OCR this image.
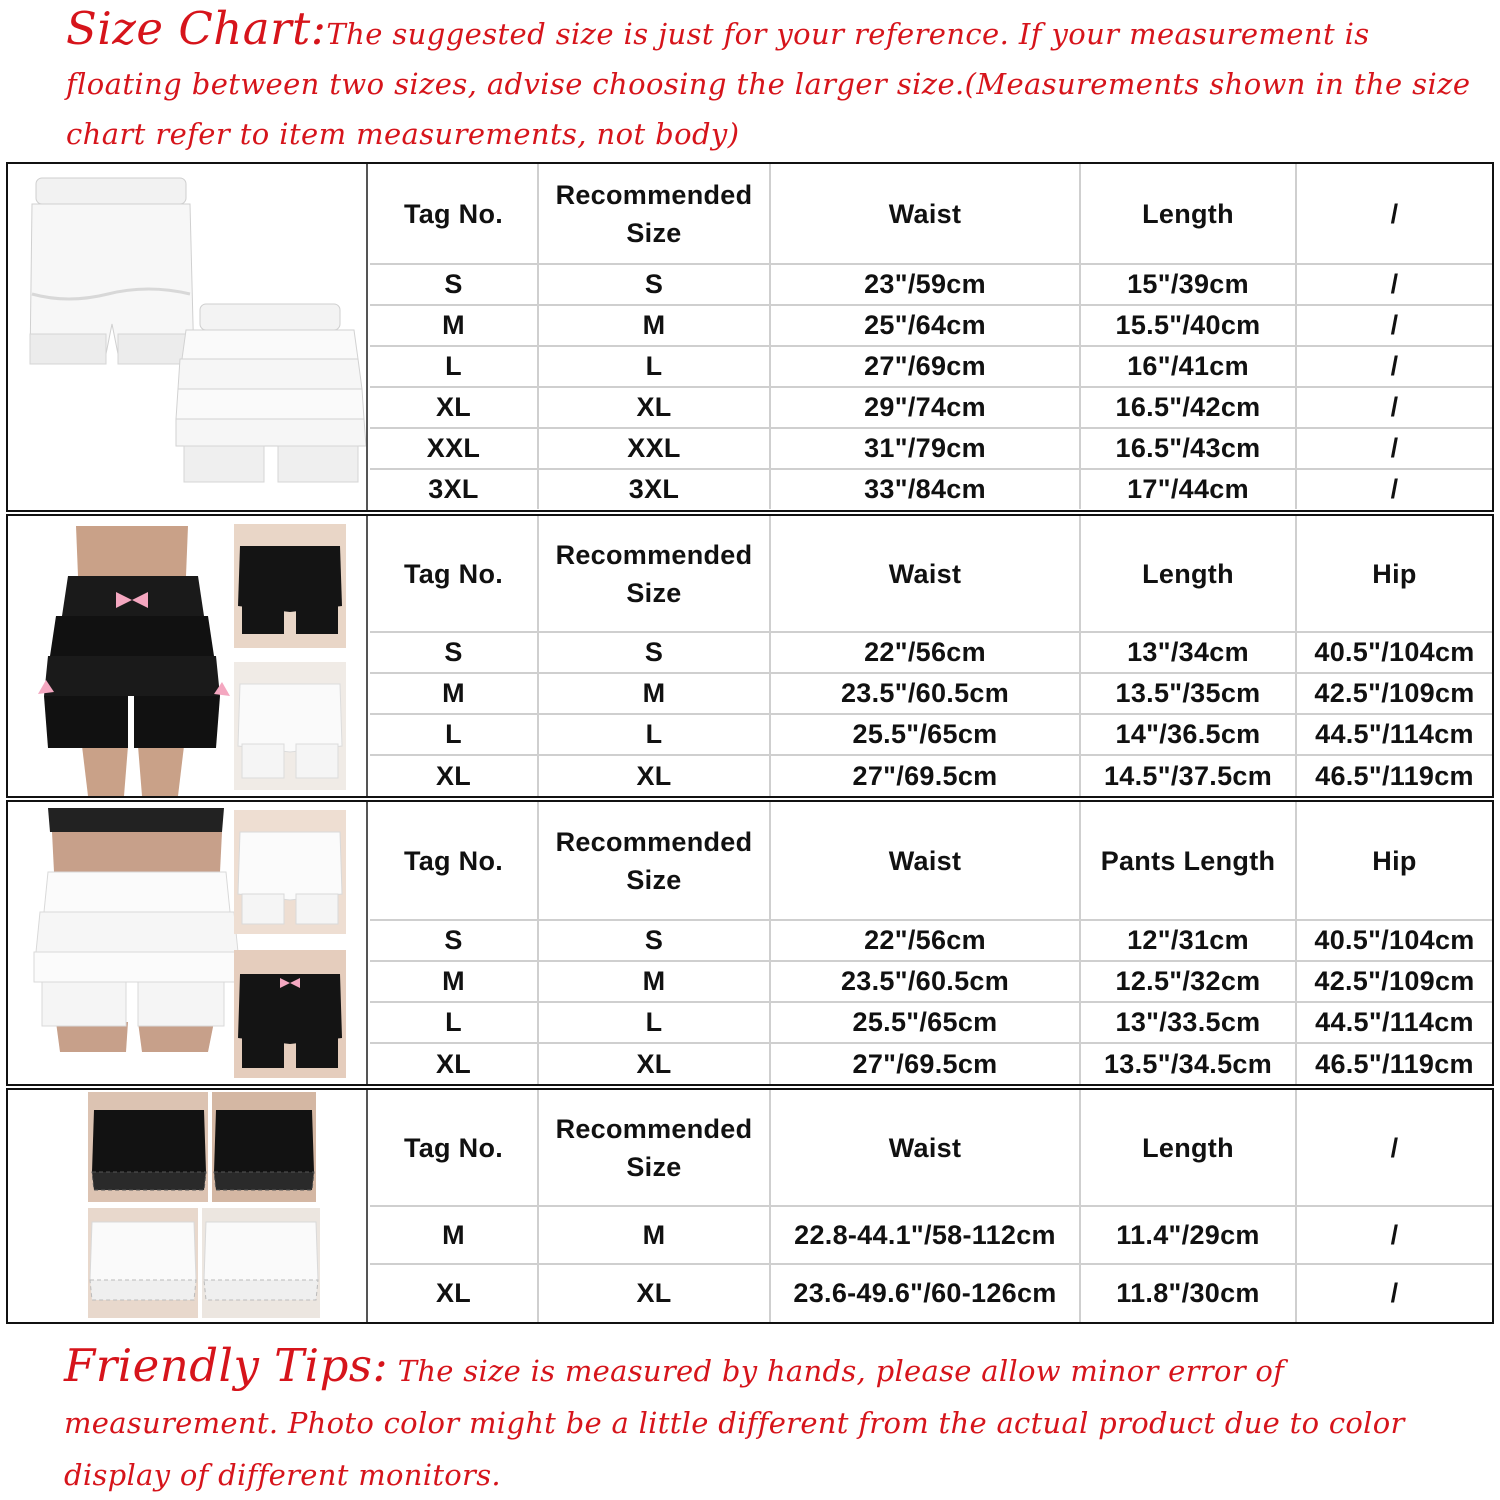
Size Chart:The suggested size is just for your reference. If your measurement is floating between two sizes, advise choosing the larger size.(Measurements shown in the size chart refer to item measurements, not body)
Tag No.	Recommended Size	Waist	Length	/
S	S	23"/59cm	15"/39cm	/
M	M	25"/64cm	15.5"/40cm	/
L	L	27"/69cm	16"/41cm	/
XL	XL	29"/74cm	16.5"/42cm	/
XXL	XXL	31"/79cm	16.5"/43cm	/
3XL	3XL	33"/84cm	17"/44cm	/
Tag No.	Recommended Size	Waist	Length	Hip
S	S	22"/56cm	13"/34cm	40.5"/104cm
M	M	23.5"/60.5cm	13.5"/35cm	42.5"/109cm
L	L	25.5"/65cm	14"/36.5cm	44.5"/114cm
XL	XL	27"/69.5cm	14.5"/37.5cm	46.5"/119cm
Tag No.	Recommended Size	Waist	Pants Length	Hip
S	S	22"/56cm	12"/31cm	40.5"/104cm
M	M	23.5"/60.5cm	12.5"/32cm	42.5"/109cm
L	L	25.5"/65cm	13"/33.5cm	44.5"/114cm
XL	XL	27"/69.5cm	13.5"/34.5cm	46.5"/119cm
Tag No.	Recommended Size	Waist	Length	/
M	M	22.8-44.1"/58-112cm	11.4"/29cm	/
XL	XL	23.6-49.6"/60-126cm	11.8"/30cm	/
Friendly Tips: The size is measured by hands, please allow minor error of measurement. Photo color might be a little different from the actual product due to color display of different monitors.
